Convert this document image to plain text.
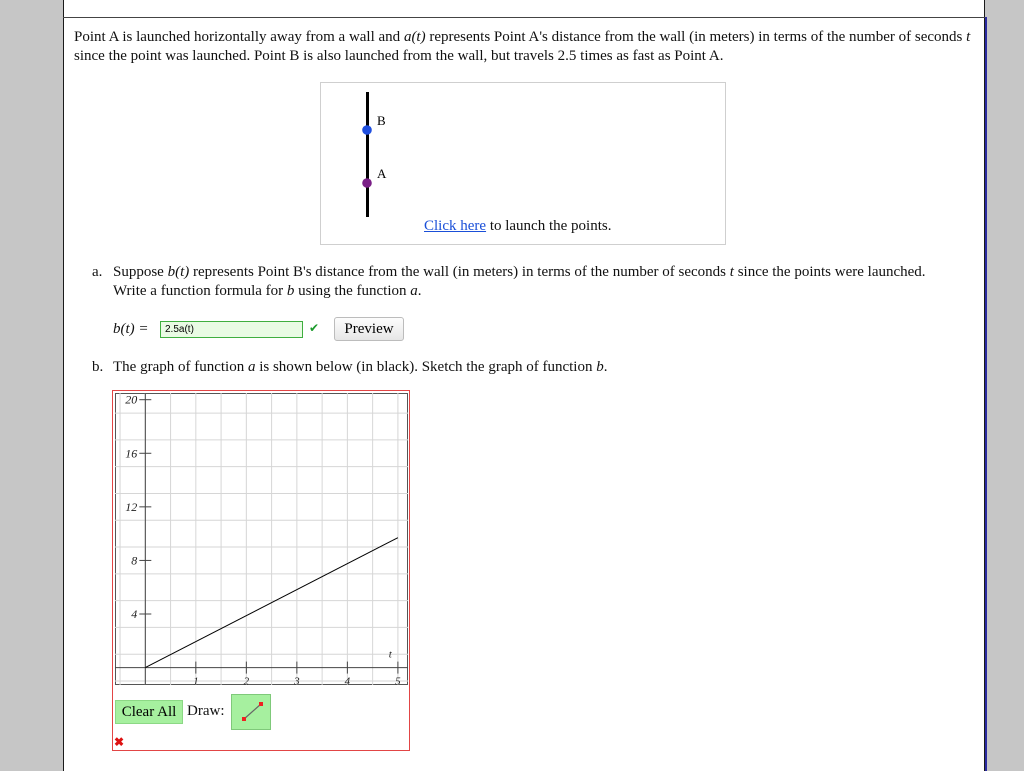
Point A is launched horizontally away from a wall and a(t) represents Point A's distance from the wall (in meters) in terms of the number of seconds t since the point was launched. Point B is also launched from the wall, but travels 2.5 times as fast as Point A.
B
A
Click here to launch the points.
a. Suppose b(t) represents Point B's distance from the wall (in meters) in terms of the number of seconds t since the points were launched. Write a function formula for b using the function a.
b(t) =
2.5a(t)	✔	Preview
b. The graph of function a is shown below (in black). Sketch the graph of function b.
1	2	3	4	5
4
8
12
16
20
t
Clear All Draw:
✖
